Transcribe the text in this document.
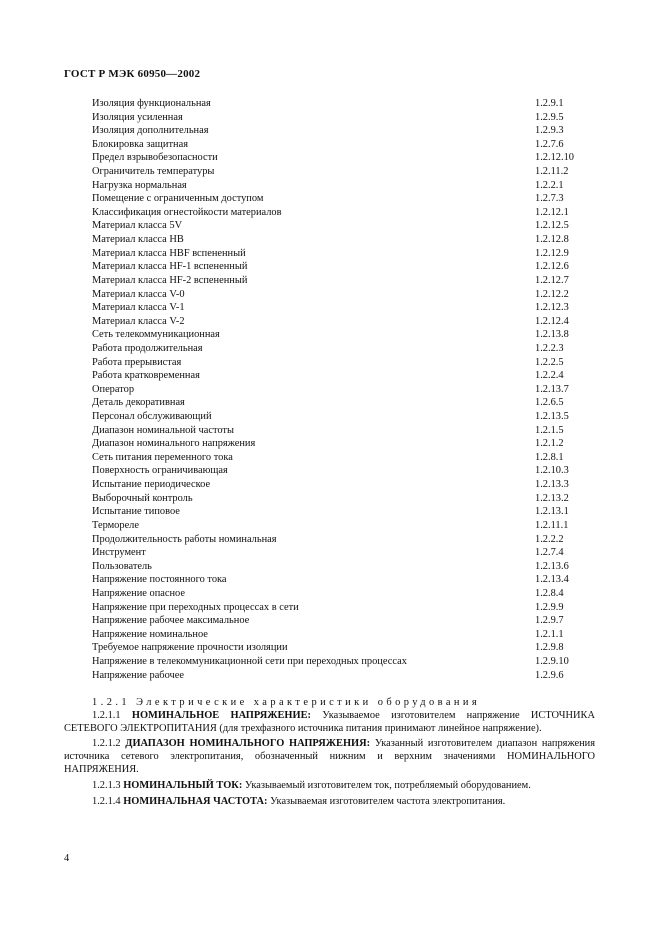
ГОСТ Р МЭК 60950—2002
Изоляция функциональная	1.2.9.1
Изоляция усиленная	1.2.9.5
Изоляция дополнительная	1.2.9.3
Блокировка защитная	1.2.7.6
Предел взрывобезопасности	1.2.12.10
Ограничитель температуры	1.2.11.2
Нагрузка нормальная	1.2.2.1
Помещение с ограниченным доступом	1.2.7.3
Классификация огнестойкости материалов	1.2.12.1
Материал класса 5V	1.2.12.5
Материал класса HB	1.2.12.8
Материал класса HBF вспененный	1.2.12.9
Материал класса HF-1 вспененный	1.2.12.6
Материал класса HF-2 вспененный	1.2.12.7
Материал класса V-0	1.2.12.2
Материал класса V-1	1.2.12.3
Материал класса V-2	1.2.12.4
Сеть телекоммуникационная	1.2.13.8
Работа продолжительная	1.2.2.3
Работа прерывистая	1.2.2.5
Работа кратковременная	1.2.2.4
Оператор	1.2.13.7
Деталь декоративная	1.2.6.5
Персонал обслуживающий	1.2.13.5
Диапазон номинальной частоты	1.2.1.5
Диапазон номинального напряжения	1.2.1.2
Сеть питания переменного тока	1.2.8.1
Поверхность ограничивающая	1.2.10.3
Испытание периодическое	1.2.13.3
Выборочный контроль	1.2.13.2
Испытание типовое	1.2.13.1
Термореле	1.2.11.1
Продолжительность работы номинальная	1.2.2.2
Инструмент	1.2.7.4
Пользователь	1.2.13.6
Напряжение постоянного тока	1.2.13.4
Напряжение опасное	1.2.8.4
Напряжение при переходных процессах в сети	1.2.9.9
Напряжение рабочее максимальное	1.2.9.7
Напряжение номинальное	1.2.1.1
Требуемое напряжение прочности изоляции	1.2.9.8
Напряжение в телекоммуникационной сети при переходных процессах	1.2.9.10
Напряжение рабочее	1.2.9.6

1.2.1 Электрические характеристики оборудования

1.2.1.1 НОМИНАЛЬНОЕ НАПРЯЖЕНИЕ: Указываемое изготовителем напряжение ИСТОЧНИКА СЕТЕВОГО ЭЛЕКТРОПИТАНИЯ (для трехфазного источника питания принимают линейное напряжение).

1.2.1.2 ДИАПАЗОН НОМИНАЛЬНОГО НАПРЯЖЕНИЯ: Указанный изготовителем диапазон напряжения источника сетевого электропитания, обозначенный нижним и верхним значениями НОМИНАЛЬНОГО НАПРЯЖЕНИЯ.

1.2.1.3 НОМИНАЛЬНЫЙ ТОК: Указываемый изготовителем ток, потребляемый оборудованием.

1.2.1.4 НОМИНАЛЬНАЯ ЧАСТОТА: Указываемая изготовителем частота электропитания.

4
